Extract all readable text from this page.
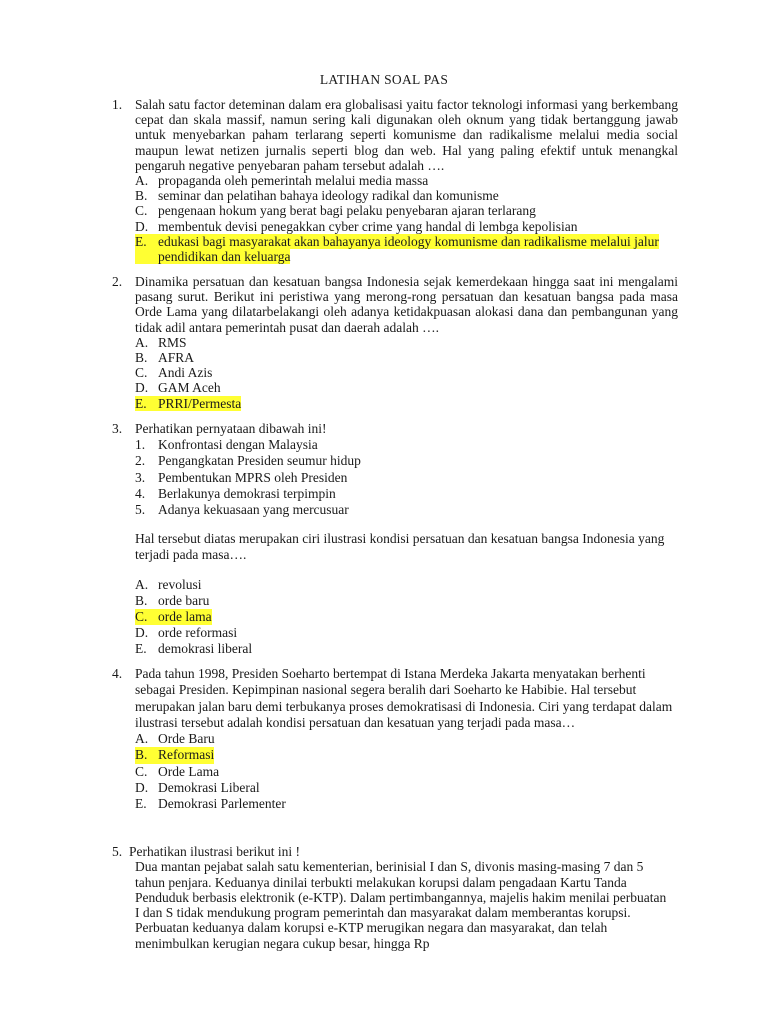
LATIHAN SOAL PAS
1. Salah satu factor deteminan dalam era globalisasi yaitu factor teknologi informasi yang berkembang cepat dan skala massif, namun sering kali digunakan oleh oknum yang tidak bertanggung jawab untuk menyebarkan paham terlarang seperti komunisme dan radikalisme melalui media social maupun lewat netizen jurnalis seperti blog dan web. Hal yang paling efektif untuk menangkal pengaruh negative penyebaran paham tersebut adalah ….
A. propaganda oleh pemerintah melalui media massa
B. seminar dan pelatihan bahaya ideology radikal dan komunisme
C. pengenaan hokum yang berat bagi pelaku penyebaran ajaran terlarang
D. membentuk devisi penegakkan cyber crime yang handal di lembga kepolisian
E. edukasi bagi masyarakat akan bahayanya ideology komunisme dan radikalisme melalui jalur pendidikan dan keluarga
2. Dinamika persatuan dan kesatuan bangsa Indonesia sejak kemerdekaan hingga saat ini mengalami pasang surut. Berikut ini peristiwa yang merong-rong persatuan dan kesatuan bangsa pada masa Orde Lama yang dilatarbelakangi oleh adanya ketidakpuasan alokasi dana dan pembangunan yang tidak adil antara pemerintah pusat dan daerah adalah ….
A. RMS
B. AFRA
C. Andi Azis
D. GAM Aceh
E. PRRI/Permesta
3. Perhatikan pernyataan dibawah ini!
1. Konfrontasi dengan Malaysia
2. Pengangkatan Presiden seumur hidup
3. Pembentukan MPRS oleh Presiden
4. Berlakunya demokrasi terpimpin
5. Adanya kekuasaan yang mercusuar
Hal tersebut diatas merupakan ciri ilustrasi kondisi persatuan dan kesatuan bangsa Indonesia yang terjadi pada masa….
A. revolusi
B. orde baru
C. orde lama
D. orde reformasi
E. demokrasi liberal
4. Pada tahun 1998, Presiden Soeharto bertempat di Istana Merdeka Jakarta menyatakan berhenti sebagai Presiden. Kepimpinan nasional segera beralih dari Soeharto ke Habibie. Hal tersebut merupakan jalan baru demi terbukanya proses demokratisasi di Indonesia. Ciri yang terdapat dalam ilustrasi tersebut adalah kondisi persatuan dan kesatuan yang terjadi pada masa…
A. Orde Baru
B. Reformasi
C. Orde Lama
D. Demokrasi Liberal
E. Demokrasi Parlementer
5. Perhatikan ilustrasi berikut ini !
Dua mantan pejabat salah satu kementerian, berinisial I dan S, divonis masing-masing 7 dan 5 tahun penjara. Keduanya dinilai terbukti melakukan korupsi dalam pengadaan Kartu Tanda Penduduk berbasis elektronik (e-KTP). Dalam pertimbangannya, majelis hakim menilai perbuatan I dan S tidak mendukung program pemerintah dan masyarakat dalam memberantas korupsi. Perbuatan keduanya dalam korupsi e-KTP merugikan negara dan masyarakat, dan telah menimbulkan kerugian negara cukup besar, hingga Rp
